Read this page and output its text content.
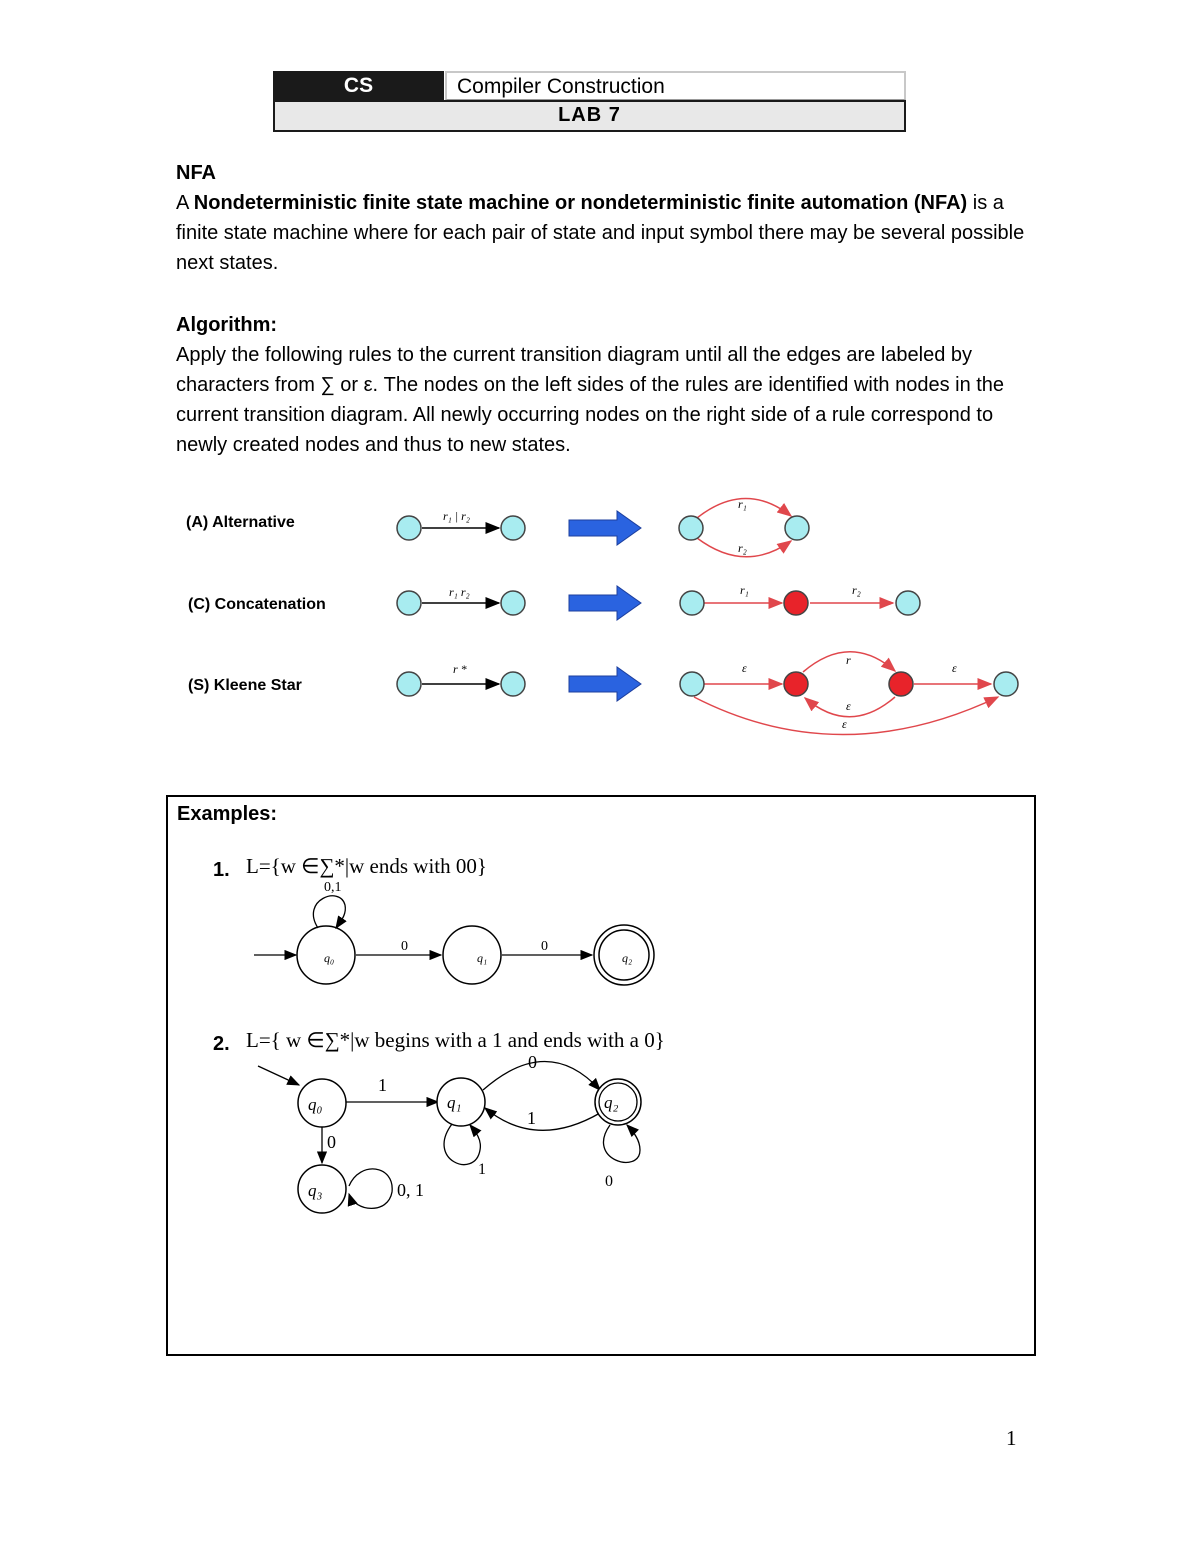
CS	Compiler Construction
LAB 7

NFA

A Nondeterministic finite state machine or nondeterministic finite automation (NFA) is a finite state machine where for each pair of state and input symbol there may be several possible next states.

Algorithm:

Apply the following rules to the current transition diagram until all the edges are labeled by characters from ∑ or ε. The nodes on the left sides of the rules are identified with nodes in the current transition diagram. All newly occurring nodes on the right side of a rule correspond to newly created nodes and thus to new states.

(A) Alternative	r₁ | r₂
r₁
r₂
(C) Concatenation
r₁ r₂	r₁	r₂
(S) Kleene Star
r *	ε
r
ε
ε
ε
Examples:
1. L={w ∈∑*|w ends with 00}
2. L={ w ∈∑*|w begins with a 1 and ends with a 0}
0,1
0	0
q₀	q₁	q₂
1
0
1
1
0
0
0, 1
q₀	q₁	q₂
q₃
1
